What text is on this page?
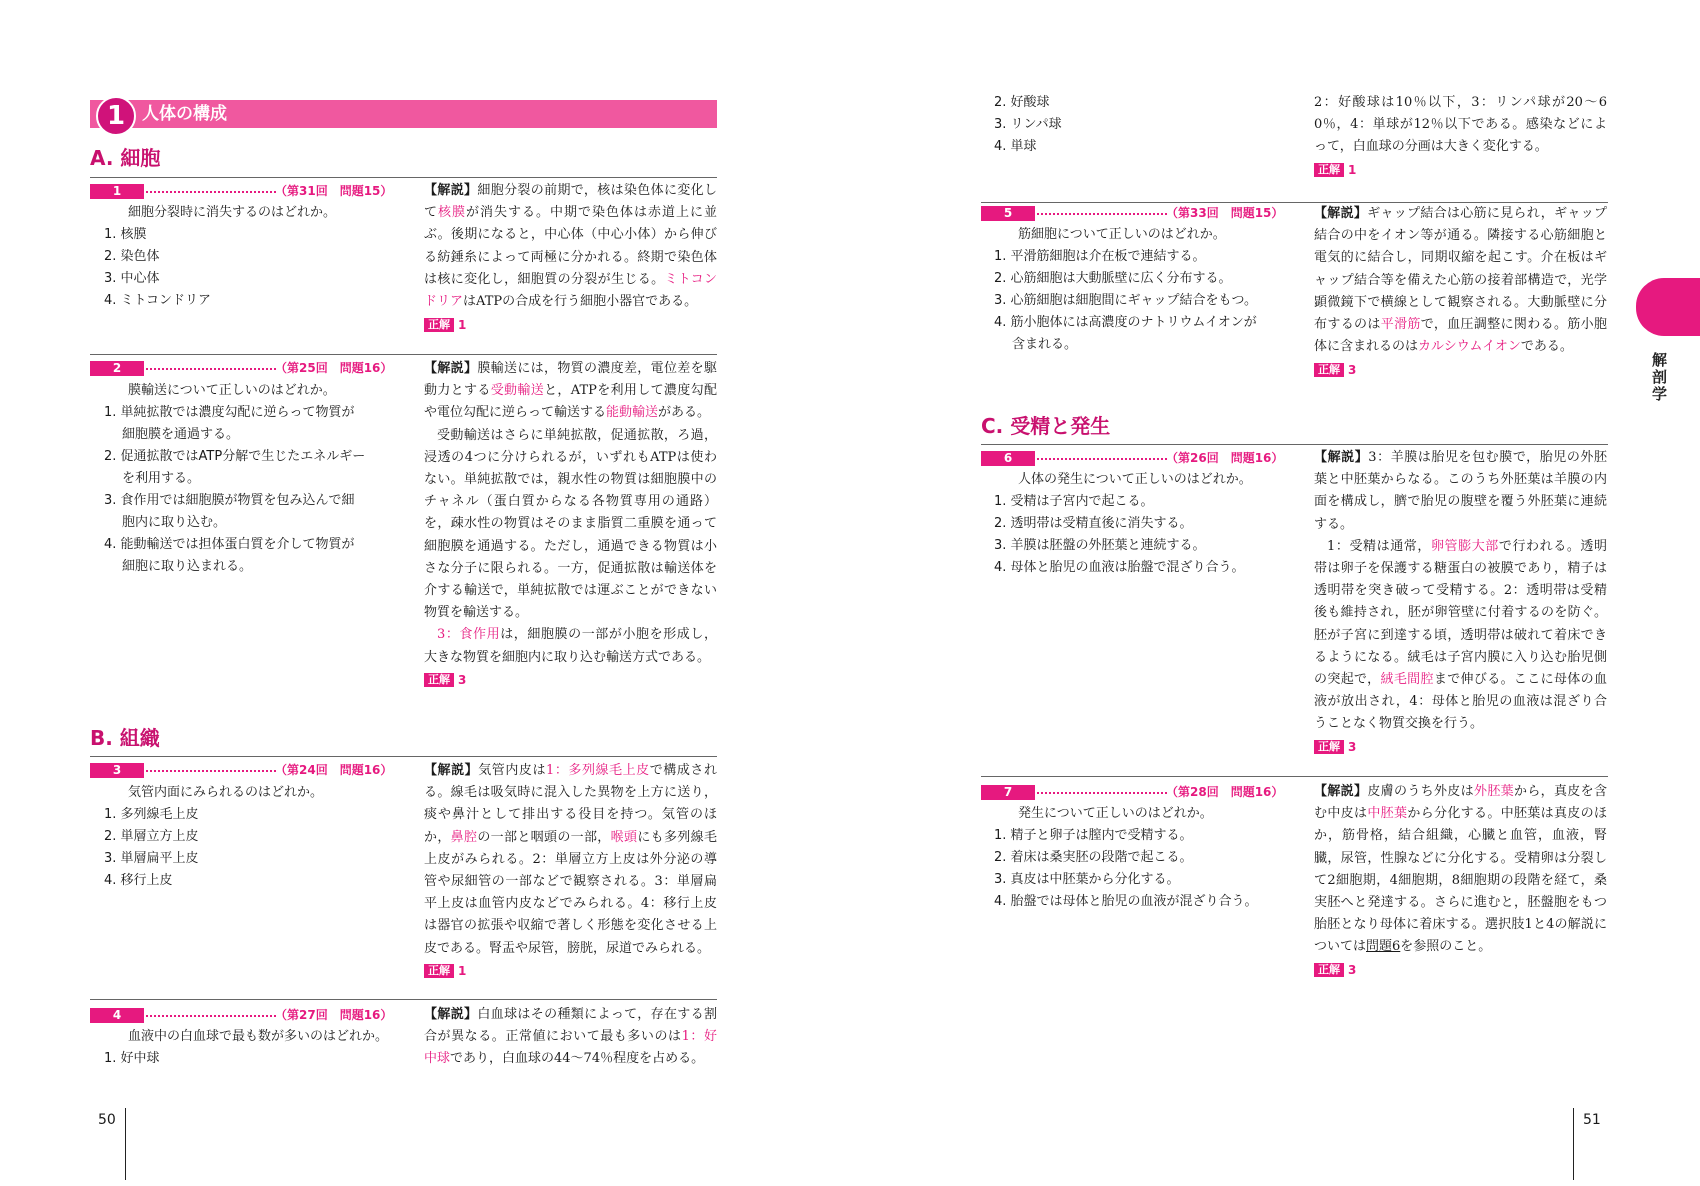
1 人体の構成
A. 細胞
1	（第31回　問題15）
細胞分裂時に消失するのはどれか。
1. 核膜
2. 染色体
3. 中心体
4. ミトコンドリア

【解説】細胞分裂の前期で，核は染色体に変化して核膜が消失する。中期で染色体は赤道上に並ぶ。後期になると，中心体（中心小体）から伸びる紡錘糸によって両極に分かれる。終期で染色体は核に変化し，細胞質の分裂が生じる。ミトコンドリアはATPの合成を行う細胞小器官である。

正解 1
2	（第25回　問題16）
膜輸送について正しいのはどれか。
1. 単純拡散では濃度勾配に逆らって物質が
細胞膜を通過する。
2. 促通拡散ではATP分解で生じたエネルギー
を利用する。
3. 食作用では細胞膜が物質を包み込んで細
胞内に取り込む。
4. 能動輸送では担体蛋白質を介して物質が
細胞に取り込まれる。

【解説】膜輸送には，物質の濃度差，電位差を駆動力とする受動輸送と，ATPを利用して濃度勾配や電位勾配に逆らって輸送する能動輸送がある。

受動輸送はさらに単純拡散，促通拡散，ろ過，浸透の4つに分けられるが，いずれもATPは使わない。単純拡散では，親水性の物質は細胞膜中のチャネル（蛋白質からなる各物質専用の通路）を，疎水性の物質はそのまま脂質二重膜を通って細胞膜を通過する。ただし，通過できる物質は小さな分子に限られる。一方，促通拡散は輸送体を介する輸送で，単純拡散では運ぶことができない物質を輸送する。

3：食作用は，細胞膜の一部が小胞を形成し，大きな物質を細胞内に取り込む輸送方式である。

正解 3
B. 組織
3	（第24回　問題16）
気管内面にみられるのはどれか。
1. 多列線毛上皮
2. 単層立方上皮
3. 単層扁平上皮
4. 移行上皮

【解説】気管内皮は1：多列線毛上皮で構成される。線毛は吸気時に混入した異物を上方に送り，痰や鼻汁として排出する役目を持つ。気管のほか，鼻腔の一部と咽頭の一部，喉頭にも多列線毛上皮がみられる。2：単層立方上皮は外分泌の導管や尿細管の一部などで観察される。3：単層扁平上皮は血管内皮などでみられる。4：移行上皮は器官の拡張や収縮で著しく形態を変化させる上皮である。腎盂や尿管，膀胱，尿道でみられる。

正解 1
4	（第27回　問題16）
血液中の白血球で最も数が多いのはどれか。
1. 好中球

【解説】白血球はその種類によって，存在する割合が異なる。正常値において最も多いのは1：好中球であり，白血球の44～74％程度を占める。

50
2. 好酸球
3. リンパ球
4. 単球

2：好酸球は10％以下，3：リンパ球が20～60％，4：単球が12％以下である。感染などによって，白血球の分画は大きく変化する。

正解 1
5	（第33回　問題15）
筋細胞について正しいのはどれか。
1. 平滑筋細胞は介在板で連結する。
2. 心筋細胞は大動脈壁に広く分布する。
3. 心筋細胞は細胞間にギャップ結合をもつ。
4. 筋小胞体には高濃度のナトリウムイオンが
含まれる。

【解説】ギャップ結合は心筋に見られ，ギャップ結合の中をイオン等が通る。隣接する心筋細胞と電気的に結合し，同期収縮を起こす。介在板はギャップ結合等を備えた心筋の接着部構造で，光学顕微鏡下で横線として観察される。大動脈壁に分布するのは平滑筋で，血圧調整に関わる。筋小胞体に含まれるのはカルシウムイオンである。

正解 3
C. 受精と発生
6	（第26回　問題16）
人体の発生について正しいのはどれか。
1. 受精は子宮内で起こる。
2. 透明帯は受精直後に消失する。
3. 羊膜は胚盤の外胚葉と連続する。
4. 母体と胎児の血液は胎盤で混ざり合う。

【解説】3：羊膜は胎児を包む膜で，胎児の外胚葉と中胚葉からなる。このうち外胚葉は羊膜の内面を構成し，臍で胎児の腹壁を覆う外胚葉に連続する。

1：受精は通常，卵管膨大部で行われる。透明帯は卵子を保護する糖蛋白の被膜であり，精子は透明帯を突き破って受精する。2：透明帯は受精後も維持され，胚が卵管壁に付着するのを防ぐ。胚が子宮に到達する頃，透明帯は破れて着床できるようになる。絨毛は子宮内膜に入り込む胎児側の突起で，絨毛間腔まで伸びる。ここに母体の血液が放出され，4：母体と胎児の血液は混ざり合うことなく物質交換を行う。

正解 3
7	（第28回　問題16）
発生について正しいのはどれか。
1. 精子と卵子は膣内で受精する。
2. 着床は桑実胚の段階で起こる。
3. 真皮は中胚葉から分化する。
4. 胎盤では母体と胎児の血液が混ざり合う。

【解説】皮膚のうち外皮は外胚葉から，真皮を含む中皮は中胚葉から分化する。中胚葉は真皮のほか，筋骨格，結合組織，心臓と血管，血液，腎臓，尿管，性腺などに分化する。受精卵は分裂して2細胞期，4細胞期，8細胞期の段階を経て，桑実胚へと発達する。さらに進むと，胚盤胞をもつ胎胚となり母体に着床する。選択肢1と4の解説については問題6を参照のこと。

正解 3
解剖学
51
